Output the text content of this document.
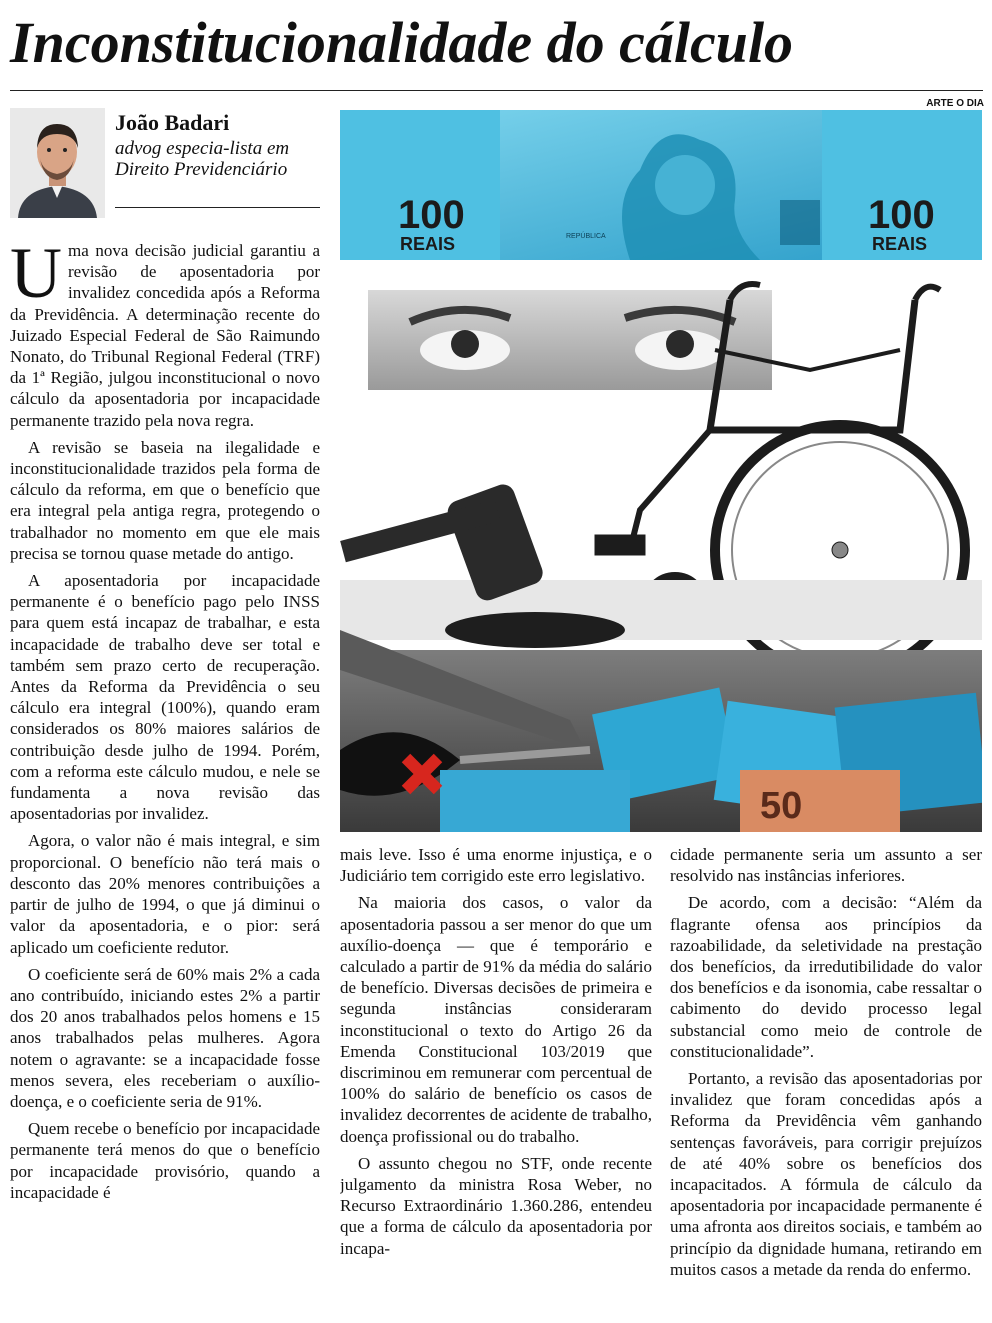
Inconstitucionalidade do cálculo
ARTE O DIA
João Badari
advog especia-lista em Direito Previdenciário

Uma nova decisão judicial garantiu a revisão de aposentadoria por invalidez concedida após a Reforma da Previdência. A determinação recente do Juizado Especial Federal de São Raimundo Nonato, do Tribunal Regional Federal (TRF) da 1ª Região, julgou inconstitucional o novo cálculo da aposentadoria por incapacidade permanente trazido pela nova regra.

A revisão se baseia na ilegalidade e inconstitucionalidade trazidos pela forma de cálculo da reforma, em que o benefício que era integral pela antiga regra, protegendo o trabalhador no momento em que ele mais precisa se tornou quase metade do antigo.

A aposentadoria por incapacidade permanente é o benefício pago pelo INSS para quem está incapaz de trabalhar, e esta incapacidade de trabalho deve ser total e também sem prazo certo de recuperação. Antes da Reforma da Previdência o seu cálculo era integral (100%), quando eram considerados os 80% maiores salários de contribuição desde julho de 1994. Porém, com a reforma este cálculo mudou, e nele se fundamenta a nova revisão das aposentadorias por invalidez.

Agora, o valor não é mais integral, e sim proporcional. O benefício não terá mais o desconto das 20% menores contribuições a partir de julho de 1994, o que já diminui o valor da aposentadoria, e o pior: será aplicado um coeficiente redutor.

O coeficiente será de 60% mais 2% a cada ano contribuído, iniciando estes 2% a partir dos 20 anos trabalhados pelos homens e 15 anos trabalhados pelas mulheres. Agora notem o agravante: se a incapacidade fosse menos severa, eles receberiam o auxílio-doença, e o coeficiente seria de 91%.

Quem recebe o benefício por incapacidade permanente terá menos do que o benefício por incapacidade provisório, quando a incapacidade é

mais leve. Isso é uma enorme injustiça, e o Judiciário tem corrigido este erro legislativo.

Na maioria dos casos, o valor da aposentadoria passou a ser menor do que um auxílio-doença — que é temporário e calculado a partir de 91% da média do salário de benefício. Diversas decisões de primeira e segunda instâncias consideraram inconstitucional o texto do Artigo 26 da Emenda Constitucional 103/2019 que discriminou em remunerar com percentual de 100% do salário de benefício os casos de invalidez decorrentes de acidente de trabalho, doença profissional ou do trabalho.

O assunto chegou no STF, onde recente julgamento da ministra Rosa Weber, no Recurso Extraordinário 1.360.286, entendeu que a forma de cálculo da aposentadoria por incapa-

cidade permanente seria um assunto a ser resolvido nas instâncias inferiores.

De acordo, com a decisão: “Além da flagrante ofensa aos princípios da razoabilidade, da seletividade na prestação dos benefícios, da irredutibilidade do valor dos benefícios e da isonomia, cabe ressaltar o cabimento do devido processo legal substancial como meio de controle de constitucionalidade”.

Portanto, a revisão das aposentadorias por invalidez que foram concedidas após a Reforma da Previdência vêm ganhando sentenças favoráveis, para corrigir prejuízos de até 40% sobre os benefícios dos incapacitados. A fórmula de cálculo da aposentadoria por incapacidade permanente é uma afronta aos direitos sociais, e também ao princípio da dignidade humana, retirando em muitos casos a metade da renda do enfermo.

100
REAIS	REPÚBLICA	100
REAIS
50
